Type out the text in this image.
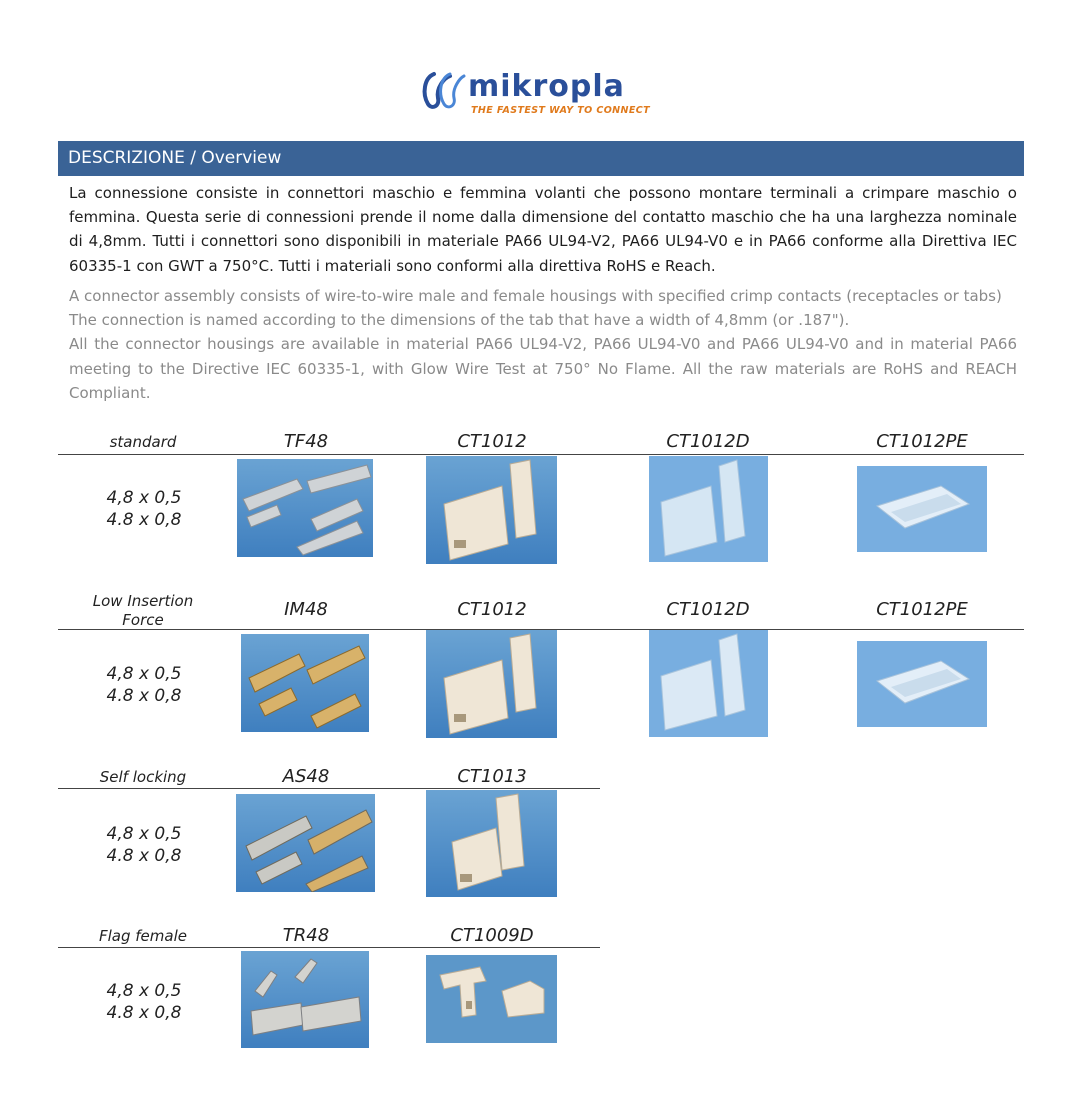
mikropla
THE FASTEST WAY TO CONNECT
DESCRIZIONE / Overview
La connessione consiste in connettori maschio e femmina volanti che possono montare terminali a crimpare maschio o femmina. Questa serie di connessioni prende il nome dalla dimensione del contatto maschio che ha una larghezza nominale di 4,8mm. Tutti i connettori sono disponibili in materiale PA66 UL94-V2, PA66 UL94-V0 e in PA66 conforme alla Direttiva IEC 60335-1 con GWT a 750°C. Tutti i materiali sono conformi alla direttiva RoHS e Reach.
A connector assembly consists of wire-to-wire male and female housings with specified crimp contacts (receptacles or tabs)
The connection is named according to the dimensions of the tab that have a width of 4,8mm (or .187").
All the connector housings are available in material PA66 UL94-V2, PA66 UL94-V0 and PA66 UL94-V0 and in material PA66 meeting to the Directive IEC 60335-1, with Glow Wire Test at 750° No Flame. All the raw materials are RoHS and REACH Compliant.
standard	TF48	CT1012	CT1012D	CT1012PE
4,8 x 0,5
4.8 x 0,8
Low Insertion
Force	IM48	CT1012	CT1012D	CT1012PE
4,8 x 0,5
4.8 x 0,8
Self locking	AS48	CT1013
4,8 x 0,5
4.8 x 0,8
Flag female	TR48	CT1009D
4,8 x 0,5
4.8 x 0,8
